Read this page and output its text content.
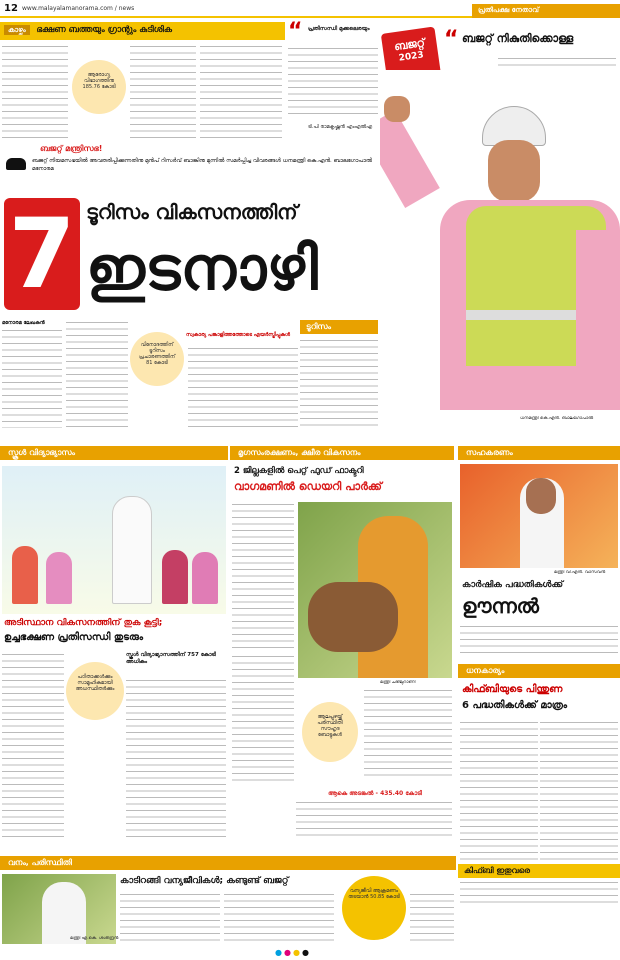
12 www.malayalamanorama.com / news
കാഴ്ചം ഭക്ഷണ ബത്തയും ഗ്രാന്റും കുടിശിക
ആരോഗ്യ വിഭാഗത്തിനു 185.76 കോടി
“ പ്രതിസന്ധി മുക്കലെരയും
ടി.പി രാമകൃഷ്ണൻ എംഎൽഎ
പ്രതിപക്ഷ നേതാവ്
ബജറ്റ്
2023
“ ബജറ്റ് നികുതിക്കൊള്ള
ബജറ്റ് മന്ത്രിസഭ!
ബജറ്റ് നിയമസഭയിൽ അവതരിപ്പിക്കുന്നതിനു മുൻപ് റിസർവ് ബാങ്കിനു മുന്നിൽ സമർപ്പിച്ച വിവരങ്ങൾ ധനമന്ത്രി കെ.എൻ. ബാലഗോപാൽ മനോരമ
7 ടൂറിസം വികസനത്തിന്
ഇടനാഴി
ധനമന്ത്രി കെ.എൻ. ബാലഗോപാൽ
മനോരമ ലേഖകൻ
വിനോദത്തിന് ടൂറിസം പ്രചാരണത്തിന് 81 കോടി
സ്വകാര്യ പങ്കാളിത്തത്തോടെ എയർസ്ട്രിപ്പുകൾ
ടൂറിസം
സ്കൂൾ വിദ്യാഭ്യാസം
അടിസ്ഥാന വികസനത്തിന് തുക കൂട്ടി;
ഉച്ചഭക്ഷണ പ്രതിസന്ധി തുടരും
പഠിതാക്കൾക്കും സാമൂഹികമായി അധസ്ഥിതർക്കും
സ്കൂൾ വിദ്യാഭ്യാസത്തിന് 757 കോടി അധികം
മൃഗസംരക്ഷണം, ക്ഷീര വികസനം
2 ജില്ലകളിൽ പെറ്റ് ഫുഡ് ഫാക്ടറി
വാഗമണിൽ ഡെയറി പാർക്ക്
മന്ത്രി ചിഞ്ചുറാണി
ആലപ്പുഴയ്ക്ക് പരിസ്ഥിതി സൗഹൃദ ബോട്ടുകൾ
ആകെ അടങ്കൽ - 435.40 കോടി
സഹകരണം
മന്ത്രി വി.എൻ. വാസവൻ
കാർഷിക പദ്ധതികൾക്ക്
ഊന്നൽ
ധനകാര്യം
കിഫ്ബിയുടെ പിന്തുണ
6 പദ്ധതികൾക്ക് മാത്രം
കിഫ്ബി ഇതുവരെ
വനം, പരിസ്ഥിതി
മന്ത്രി എ.കെ. ശശീന്ദ്രൻ
കാടിറങ്ങി വന്യജീവികൾ; കണ്ടുണ്ട് ബജറ്റ്
വന്യജീവി ആക്രമണം തടയാൻ 50.85 കോടി
●●●●
